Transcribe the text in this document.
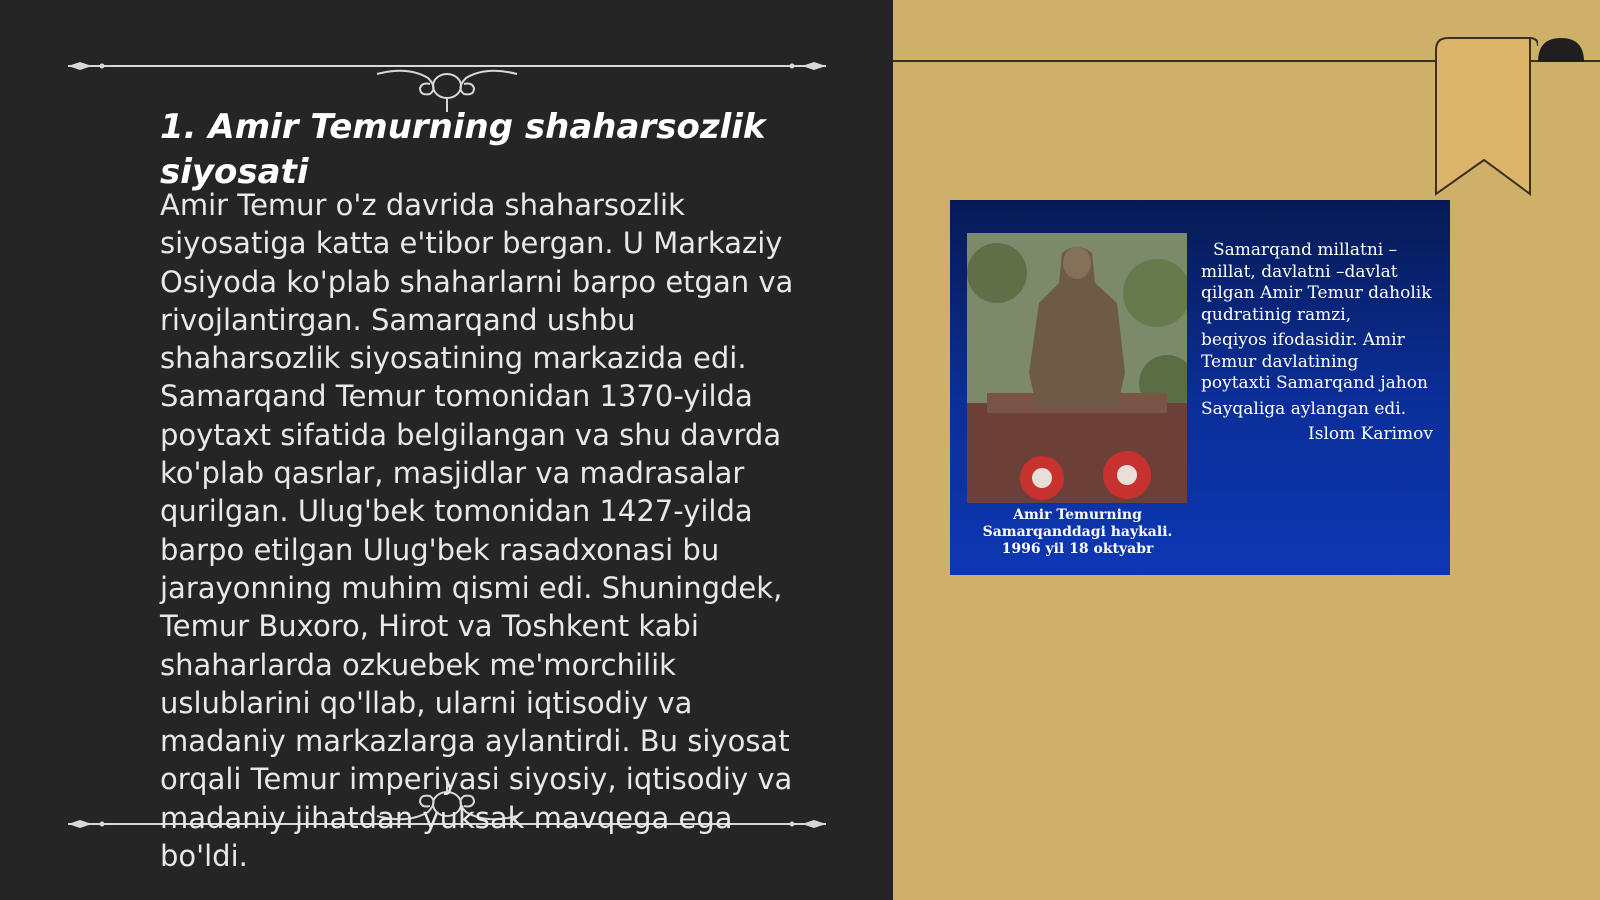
1. Amir Temurning shaharsozlik siyosati
Amir Temur o'z davrida shaharsozlik siyosatiga katta e'tibor bergan. U Markaziy Osiyoda ko'plab shaharlarni barpo etgan va rivojlantirgan. Samarqand ushbu shaharsozlik siyosatining markazida edi. Samarqand Temur tomonidan 1370-yilda poytaxt sifatida belgilangan va shu davrda ko'plab qasrlar, masjidlar va madrasalar qurilgan. Ulug'bek tomonidan 1427-yilda barpo etilgan Ulug'bek rasadxonasi bu jarayonning muhim qismi edi. Shuningdek, Temur Buxoro, Hirot va Toshkent kabi shaharlarda ozkuebek me'morchilik uslublarini qo'llab, ularni iqtisodiy va madaniy markazlarga aylantirdi. Bu siyosat orqali Temur imperiyasi siyosiy, iqtisodiy va madaniy jihatdan yuksak mavqega ega bo'ldi.
Amir Temurning
Samarqanddagi haykali.
1996 yil 18 oktyabr

Samarqand millatni – millat, davlatni –davlat qilgan Amir Temur daholik qudratinig ramzi,

beqiyos ifodasidir. Amir Temur davlatining poytaxti Samarqand jahon

Sayqaliga aylangan edi.

Islom Karimov
